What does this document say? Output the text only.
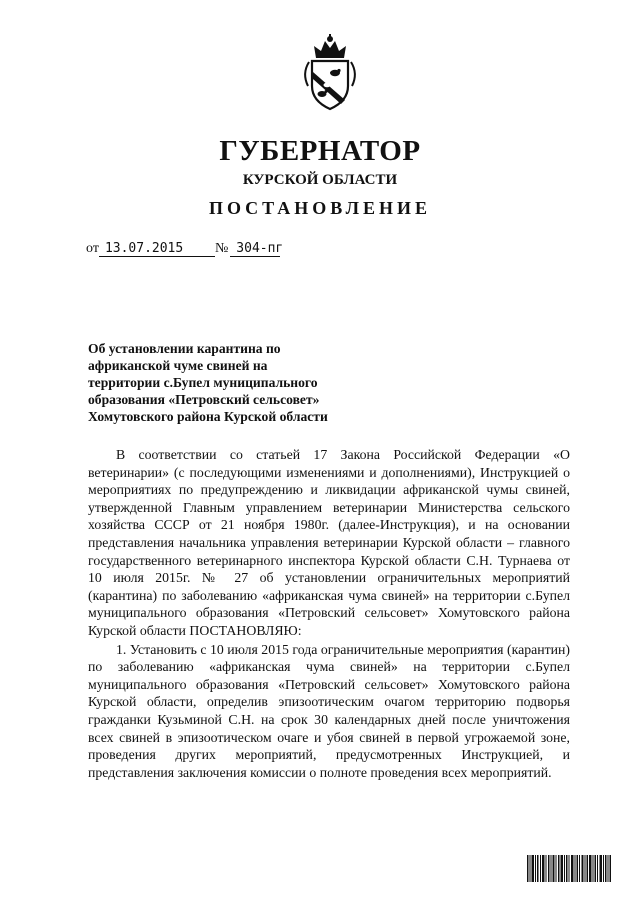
ГУБЕРНАТОР
КУРСКОЙ ОБЛАСТИ
ПОСТАНОВЛЕНИЕ
от 13.07.2015 № 304-пг
Об установлении карантина по
африканской чуме свиней на
территории с.Бупел муниципального
образования «Петровский сельсовет»
Хомутовского района Курской области

В соответствии со статьей 17 Закона Российской Федерации «О ветеринарии» (с последующими изменениями и дополнениями), Инструкцией о мероприятиях по предупреждению и ликвидации африканской чумы свиней, утвержденной Главным управлением ветеринарии Министерства сельского хозяйства СССР от 21 ноября 1980г. (далее-Инструкция), и на основании представления начальника управления ветеринарии Курской области – главного государственного ветеринарного инспектора Курской области С.Н. Турнаева от 10 июля 2015г. № 27 об установлении ограничительных мероприятий (карантина) по заболеванию «африканская чума свиней» на территории с.Бупел муниципального образования «Петровский сельсовет» Хомутовского района Курской области ПОСТАНОВЛЯЮ:

1. Установить с 10 июля 2015 года ограничительные мероприятия (карантин) по заболеванию «африканская чума свиней» на территории с.Бупел муниципального образования «Петровский сельсовет» Хомутовского района Курской области, определив эпизоотическим очагом территорию подворья гражданки Кузьминой С.Н. на срок 30 календарных дней после уничтожения всех свиней в эпизоотическом очаге и убоя свиней в первой угрожаемой зоне, проведения других мероприятий, предусмотренных Инструкцией, и представления заключения комиссии о полноте проведения всех мероприятий.
